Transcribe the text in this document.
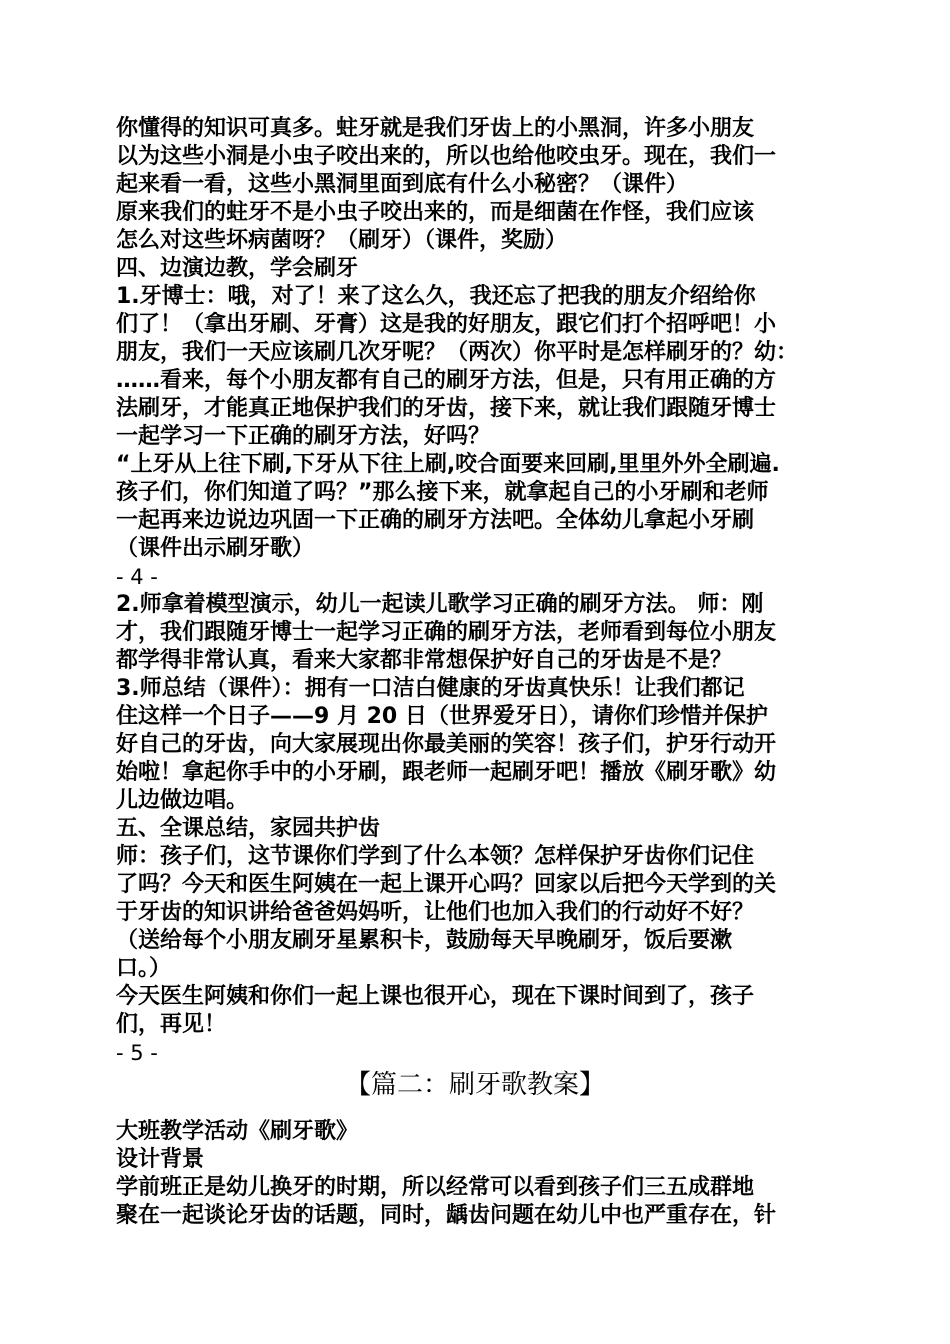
你懂得的知识可真多。蛀牙就是我们牙齿上的小黑洞，许多小朋友
以为这些小洞是小虫子咬出来的，所以也给他咬虫牙。现在，我们一
起来看一看，这些小黑洞里面到底有什么小秘密？（课件）
原来我们的蛀牙不是小虫子咬出来的，而是细菌在作怪，我们应该
怎么对这些坏病菌呀？（刷牙）（课件，奖励）
四、边演边教，学会刷牙
1.牙博士：哦，对了！来了这么久，我还忘了把我的朋友介绍给你
们了！（拿出牙刷、牙膏）这是我的好朋友，跟它们打个招呼吧！小
朋友，我们一天应该刷几次牙呢？（两次）你平时是怎样刷牙的？幼：
……看来，每个小朋友都有自己的刷牙方法，但是，只有用正确的方
法刷牙，才能真正地保护我们的牙齿，接下来，就让我们跟随牙博士
一起学习一下正确的刷牙方法，好吗？
“上牙从上往下刷,下牙从下往上刷,咬合面要来回刷,里里外外全刷遍.
孩子们，你们知道了吗？”那么接下来，就拿起自己的小牙刷和老师
一起再来边说边巩固一下正确的刷牙方法吧。全体幼儿拿起小牙刷
（课件出示刷牙歌）
- 4 -
2.师拿着模型演示，幼儿一起读儿歌学习正确的刷牙方法。 师：刚
才，我们跟随牙博士一起学习正确的刷牙方法，老师看到每位小朋友
都学得非常认真，看来大家都非常想保护好自己的牙齿是不是？
3.师总结（课件）：拥有一口洁白健康的牙齿真快乐！让我们都记
住这样一个日子——9 月 20 日（世界爱牙日），请你们珍惜并保护
好自己的牙齿，向大家展现出你最美丽的笑容！孩子们，护牙行动开
始啦！拿起你手中的小牙刷，跟老师一起刷牙吧！播放《刷牙歌》幼
儿边做边唱。
五、全课总结，家园共护齿
师：孩子们，这节课你们学到了什么本领？怎样保护牙齿你们记住
了吗？今天和医生阿姨在一起上课开心吗？回家以后把今天学到的关
于牙齿的知识讲给爸爸妈妈听，让他们也加入我们的行动好不好？
（送给每个小朋友刷牙星累积卡，鼓励每天早晚刷牙，饭后要漱
口。）
今天医生阿姨和你们一起上课也很开心，现在下课时间到了，孩子
们，再见！
- 5 -
【篇二：刷牙歌教案】
大班教学活动《刷牙歌》
设计背景
学前班正是幼儿换牙的时期，所以经常可以看到孩子们三五成群地
聚在一起谈论牙齿的话题，同时，龋齿问题在幼儿中也严重存在，针
